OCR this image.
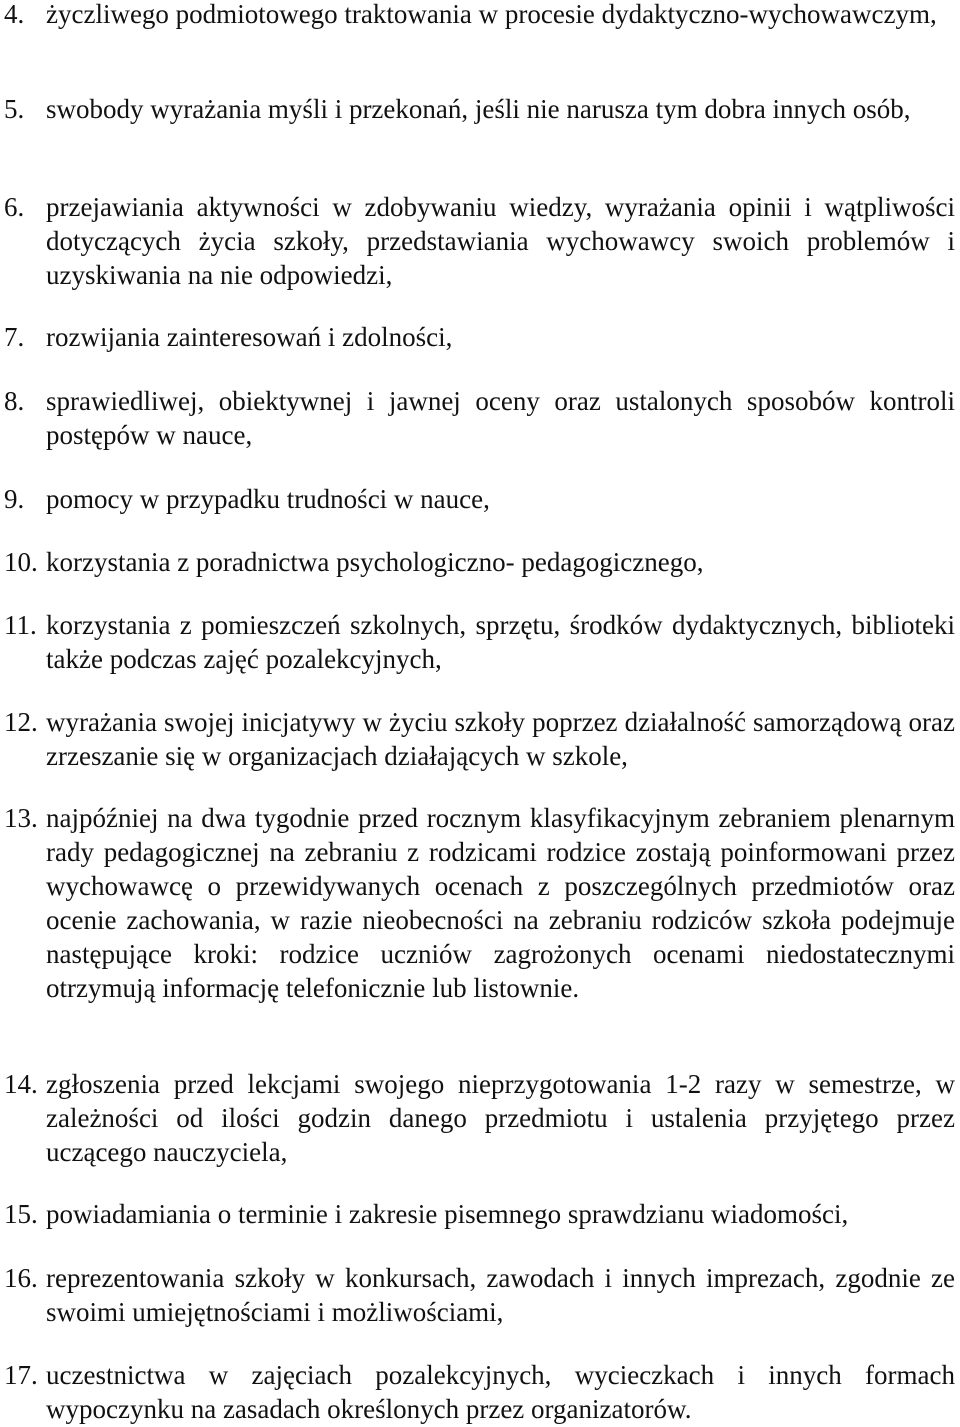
4. życzliwego podmiotowego traktowania w procesie dydaktyczno-wychowawczym,
5. swobody wyrażania myśli i przekonań, jeśli nie narusza tym dobra innych osób,
6. przejawiania aktywności w zdobywaniu wiedzy, wyrażania opinii i wątpliwości dotyczących życia szkoły, przedstawiania wychowawcy swoich problemów i uzyskiwania na nie odpowiedzi,
7. rozwijania zainteresowań i zdolności,
8. sprawiedliwej, obiektywnej i jawnej oceny oraz ustalonych sposobów kontroli postępów w nauce,
9. pomocy w przypadku trudności w nauce,
10. korzystania z poradnictwa psychologiczno- pedagogicznego,
11. korzystania z pomieszczeń szkolnych, sprzętu, środków dydaktycznych, biblioteki także podczas zajęć pozalekcyjnych,
12. wyrażania swojej inicjatywy w życiu szkoły poprzez działalność samorządową oraz zrzeszanie się w organizacjach działających w szkole,
13. najpóźniej na dwa tygodnie przed rocznym klasyfikacyjnym zebraniem plenarnym rady pedagogicznej na zebraniu z rodzicami rodzice zostają poinformowani przez wychowawcę o przewidywanych ocenach z poszczególnych przedmiotów oraz ocenie zachowania, w razie nieobecności na zebraniu rodziców szkoła podejmuje następujące kroki: rodzice uczniów zagrożonych ocenami niedostatecznymi otrzymują informację telefonicznie lub listownie.
14. zgłoszenia przed lekcjami swojego nieprzygotowania 1-2 razy w semestrze, w zależności od ilości godzin danego przedmiotu i ustalenia przyjętego przez uczącego nauczyciela,
15. powiadamiania o terminie i zakresie pisemnego sprawdzianu wiadomości,
16. reprezentowania szkoły w konkursach, zawodach i innych imprezach, zgodnie ze swoimi umiejętnościami i możliwościami,
17. uczestnictwa w zajęciach pozalekcyjnych, wycieczkach i innych formach wypoczynku na zasadach określonych przez organizatorów.
